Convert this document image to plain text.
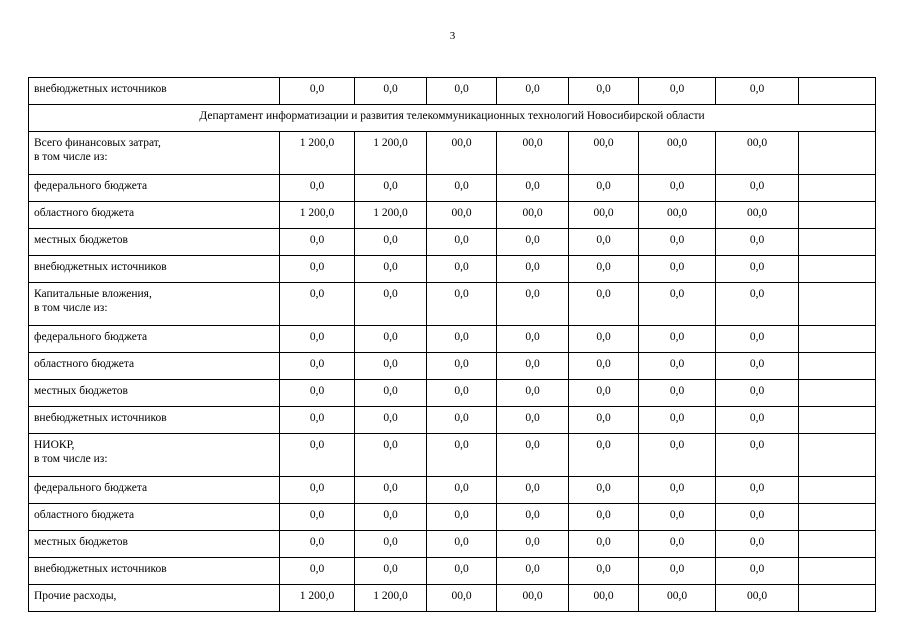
3
внебюджетных источников	0,0	0,0	0,0	0,0	0,0	0,0	0,0	
Департамент информатизации и развития телекоммуникационных технологий Новосибирской области								

Всего финансовых затрат,
в том числе из:	1 200,0	1 200,0	00,0	00,0	00,0	00,0	00,0	

федерального бюджета	0,0	0,0	0,0	0,0	0,0	0,0	0,0	

областного бюджета	1 200,0	1 200,0	00,0	00,0	00,0	00,0	00,0	

местных бюджетов	0,0	0,0	0,0	0,0	0,0	0,0	0,0	

внебюджетных источников	0,0	0,0	0,0	0,0	0,0	0,0	0,0	

Капитальные вложения,
в том числе из:	0,0	0,0	0,0	0,0	0,0	0,0	0,0	

федерального бюджета	0,0	0,0	0,0	0,0	0,0	0,0	0,0	

областного бюджета	0,0	0,0	0,0	0,0	0,0	0,0	0,0	

местных бюджетов	0,0	0,0	0,0	0,0	0,0	0,0	0,0	

внебюджетных источников	0,0	0,0	0,0	0,0	0,0	0,0	0,0	

НИОКР,
в том числе из:	0,0	0,0	0,0	0,0	0,0	0,0	0,0	

федерального бюджета	0,0	0,0	0,0	0,0	0,0	0,0	0,0	

областного бюджета	0,0	0,0	0,0	0,0	0,0	0,0	0,0	

местных бюджетов	0,0	0,0	0,0	0,0	0,0	0,0	0,0	

внебюджетных источников	0,0	0,0	0,0	0,0	0,0	0,0	0,0	

Прочие расходы,	1 200,0	1 200,0	00,0	00,0	00,0	00,0	00,0	
